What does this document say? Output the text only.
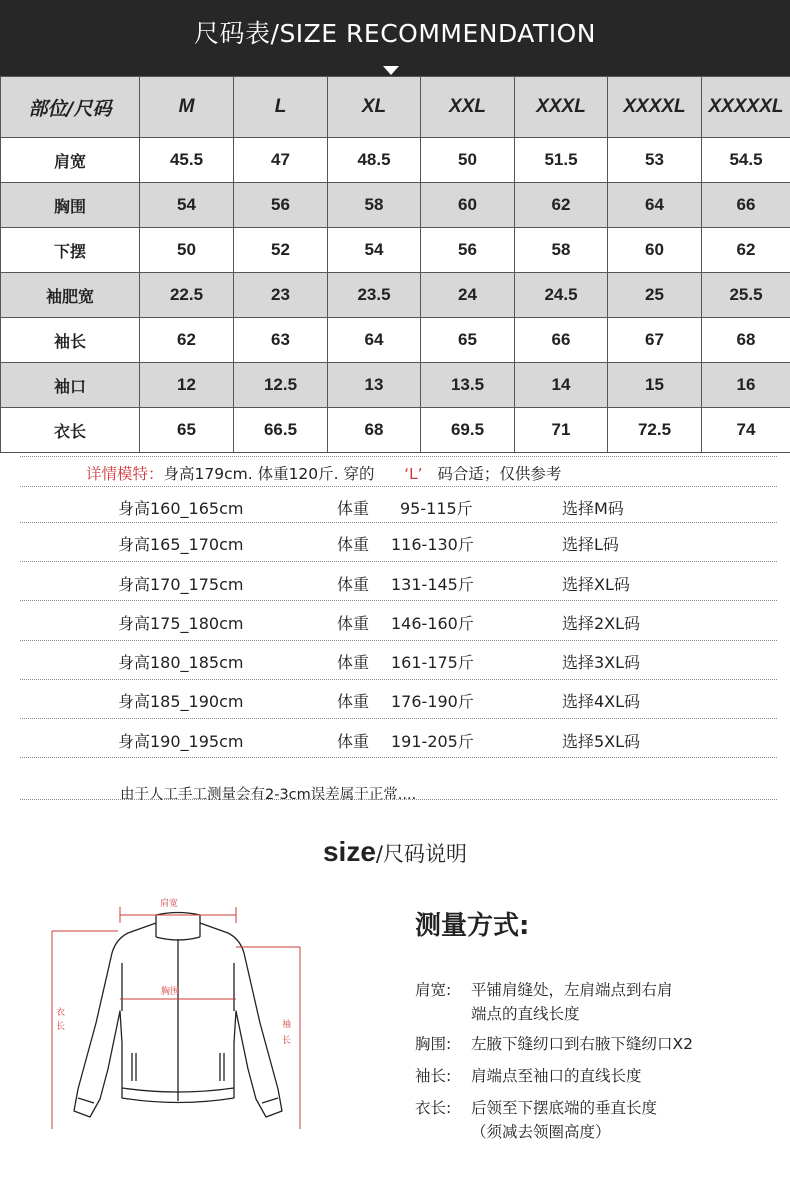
尺码表/SIZE RECOMMENDATION
部位/尺码	M	L	XL	XXL	XXXL	XXXXL	XXXXXL
肩宽	45.5	47	48.5	50	51.5	53	54.5
胸围	54	56	58	60	62	64	66
下摆	50	52	54	56	58	60	62
袖肥宽	22.5	23	23.5	24	24.5	25	25.5
袖长	62	63	64	65	66	67	68
袖口	12	12.5	13	13.5	14	15	16
衣长	65	66.5	68	69.5	71	72.5	74
详情模特：身高179cm. 体重120斤. 穿的 ‘L’ 码合适；仅供参考
身高160_165cm	体重 95-115斤	选择M码
身高165_170cm	体重 116-130斤	选择L码
身高170_175cm	体重 131-145斤	选择XL码
身高175_180cm	体重 146-160斤	选择2XL码
身高180_185cm	体重 161-175斤	选择3XL码
身高185_190cm	体重 176-190斤	选择4XL码
身高190_195cm	体重 191-205斤	选择5XL码
由于人工手工测量会有2-3cm误差属于正常....
size/尺码说明
肩宽
胸围
衣
长	袖
长
测量方式:
肩宽:	平铺肩缝处，左肩端点到右肩
端点的直线长度
胸围:	左腋下缝纫口到右腋下缝纫口X2
袖长:	肩端点至袖口的直线长度
衣长:	后领至下摆底端的垂直长度
（须减去领圈高度）
